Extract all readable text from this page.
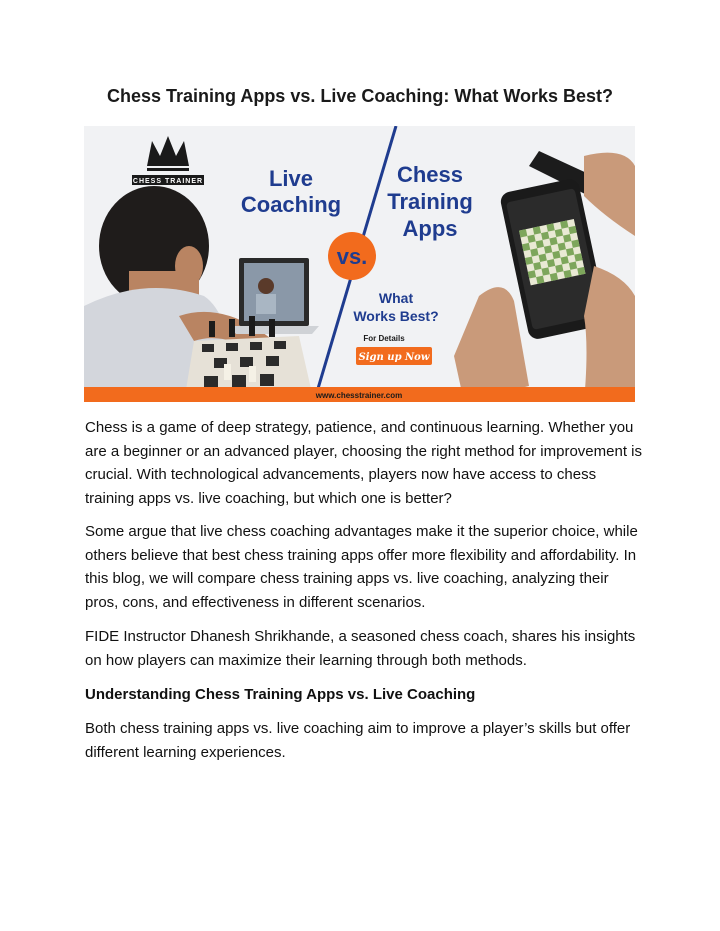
Chess Training Apps vs. Live Coaching: What Works Best?
CHESS TRAINER	Live
Coaching
Chess
Training
Apps
vs.
What
Works Best?
For Details
Sign up Now
www.chesstrainer.com
Chess is a game of deep strategy, patience, and continuous learning. Whether you are a beginner or an advanced player, choosing the right method for improvement is crucial. With technological advancements, players now have access to chess training apps vs. live coaching, but which one is better?
Some argue that live chess coaching advantages make it the superior choice, while others believe that best chess training apps offer more flexibility and affordability. In this blog, we will compare chess training apps vs. live coaching, analyzing their pros, cons, and effectiveness in different scenarios.
FIDE Instructor Dhanesh Shrikhande, a seasoned chess coach, shares his insights on how players can maximize their learning through both methods.
Understanding Chess Training Apps vs. Live Coaching
Both chess training apps vs. live coaching aim to improve a player’s skills but offer different learning experiences.
